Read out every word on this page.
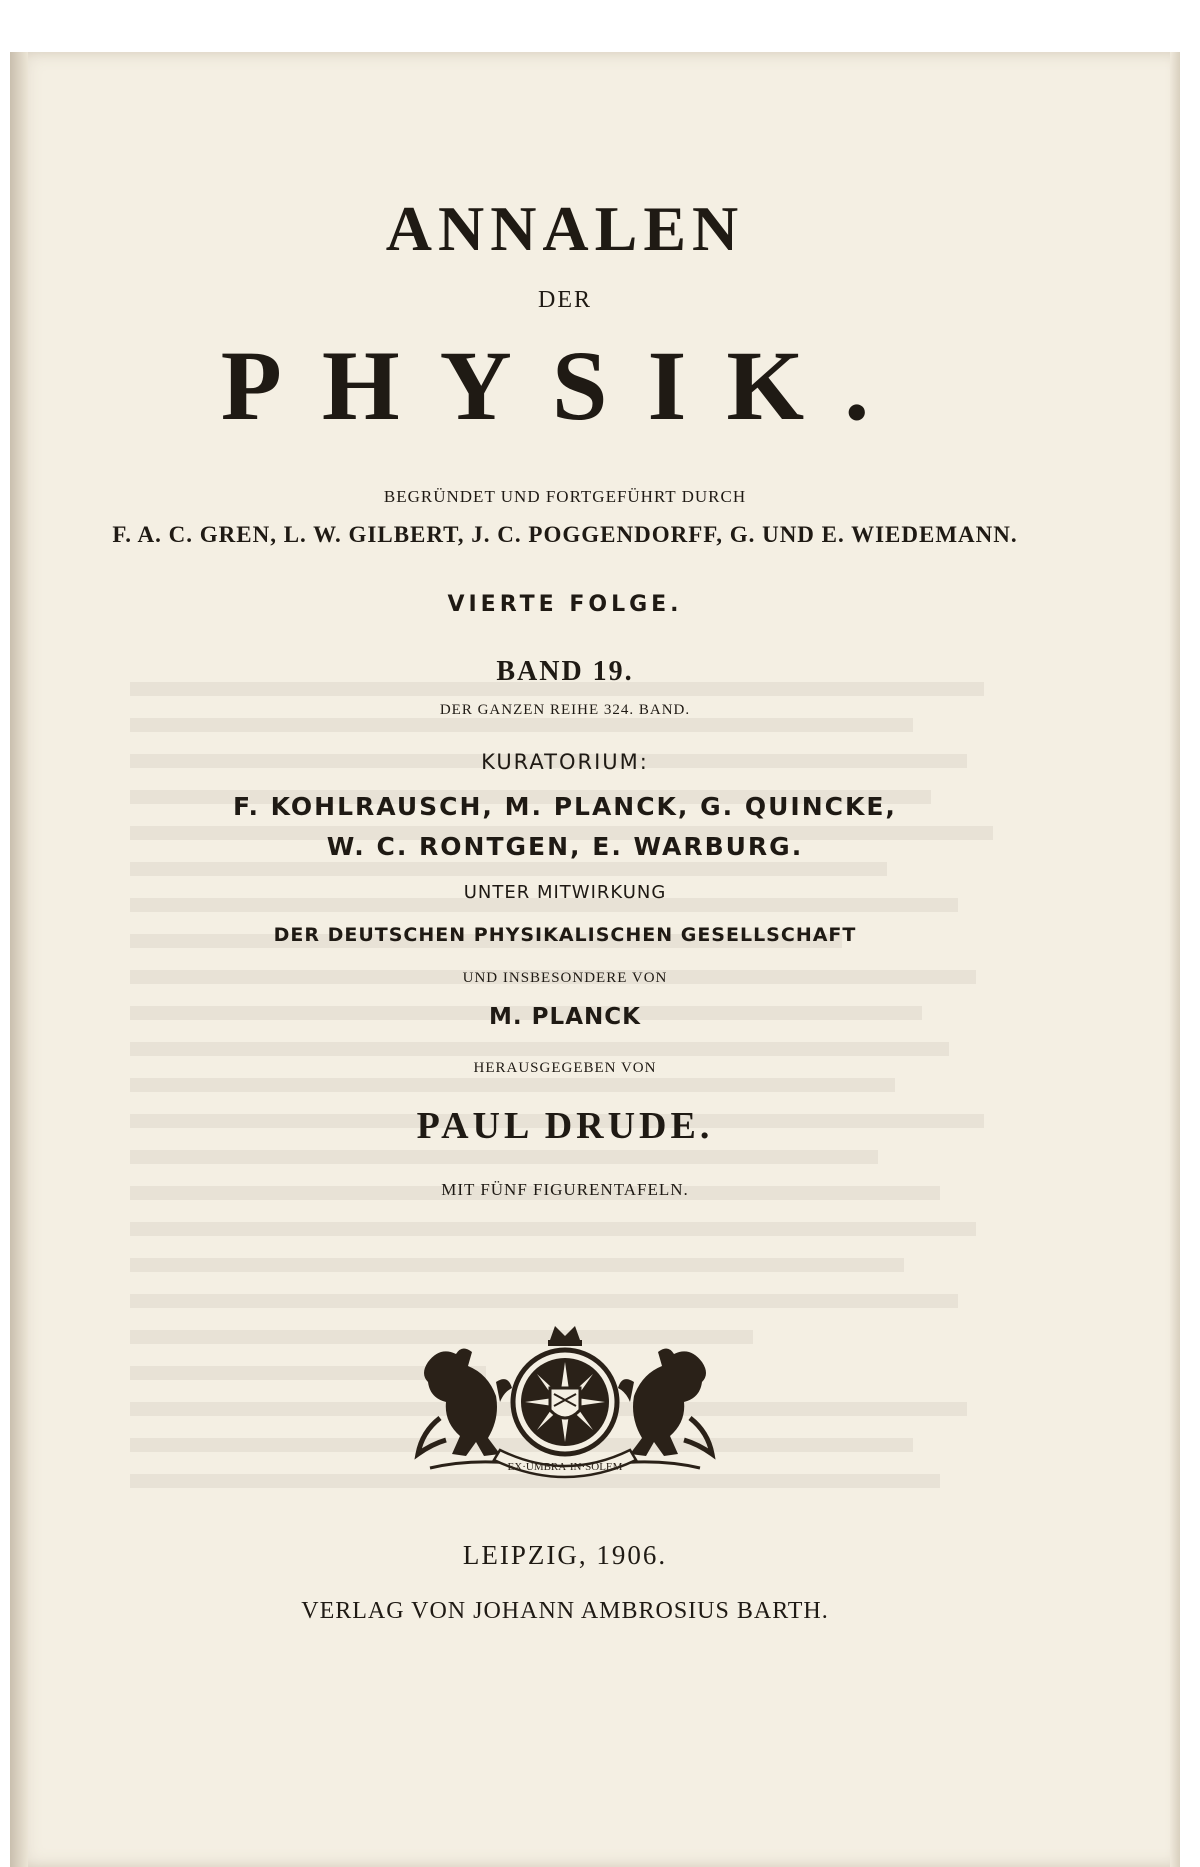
ANNALEN
DER
PHYSIK.
BEGRÜNDET UND FORTGEFÜHRT DURCH
F. A. C. GREN, L. W. GILBERT, J. C. POGGENDORFF, G. UND E. WIEDEMANN.
VIERTE FOLGE.
BAND 19.
DER GANZEN REIHE 324. BAND.
KURATORIUM:
F. KOHLRAUSCH, M. PLANCK, G. QUINCKE,
W. C. RONTGEN, E. WARBURG.
UNTER MITWIRKUNG
DER DEUTSCHEN PHYSIKALISCHEN GESELLSCHAFT
UND INSBESONDERE VON
M. PLANCK
HERAUSGEGEBEN VON
PAUL DRUDE.
MIT FÜNF FIGURENTAFELN.
EX·UMBRA·IN·SOLEM
LEIPZIG, 1906.
VERLAG VON JOHANN AMBROSIUS BARTH.
